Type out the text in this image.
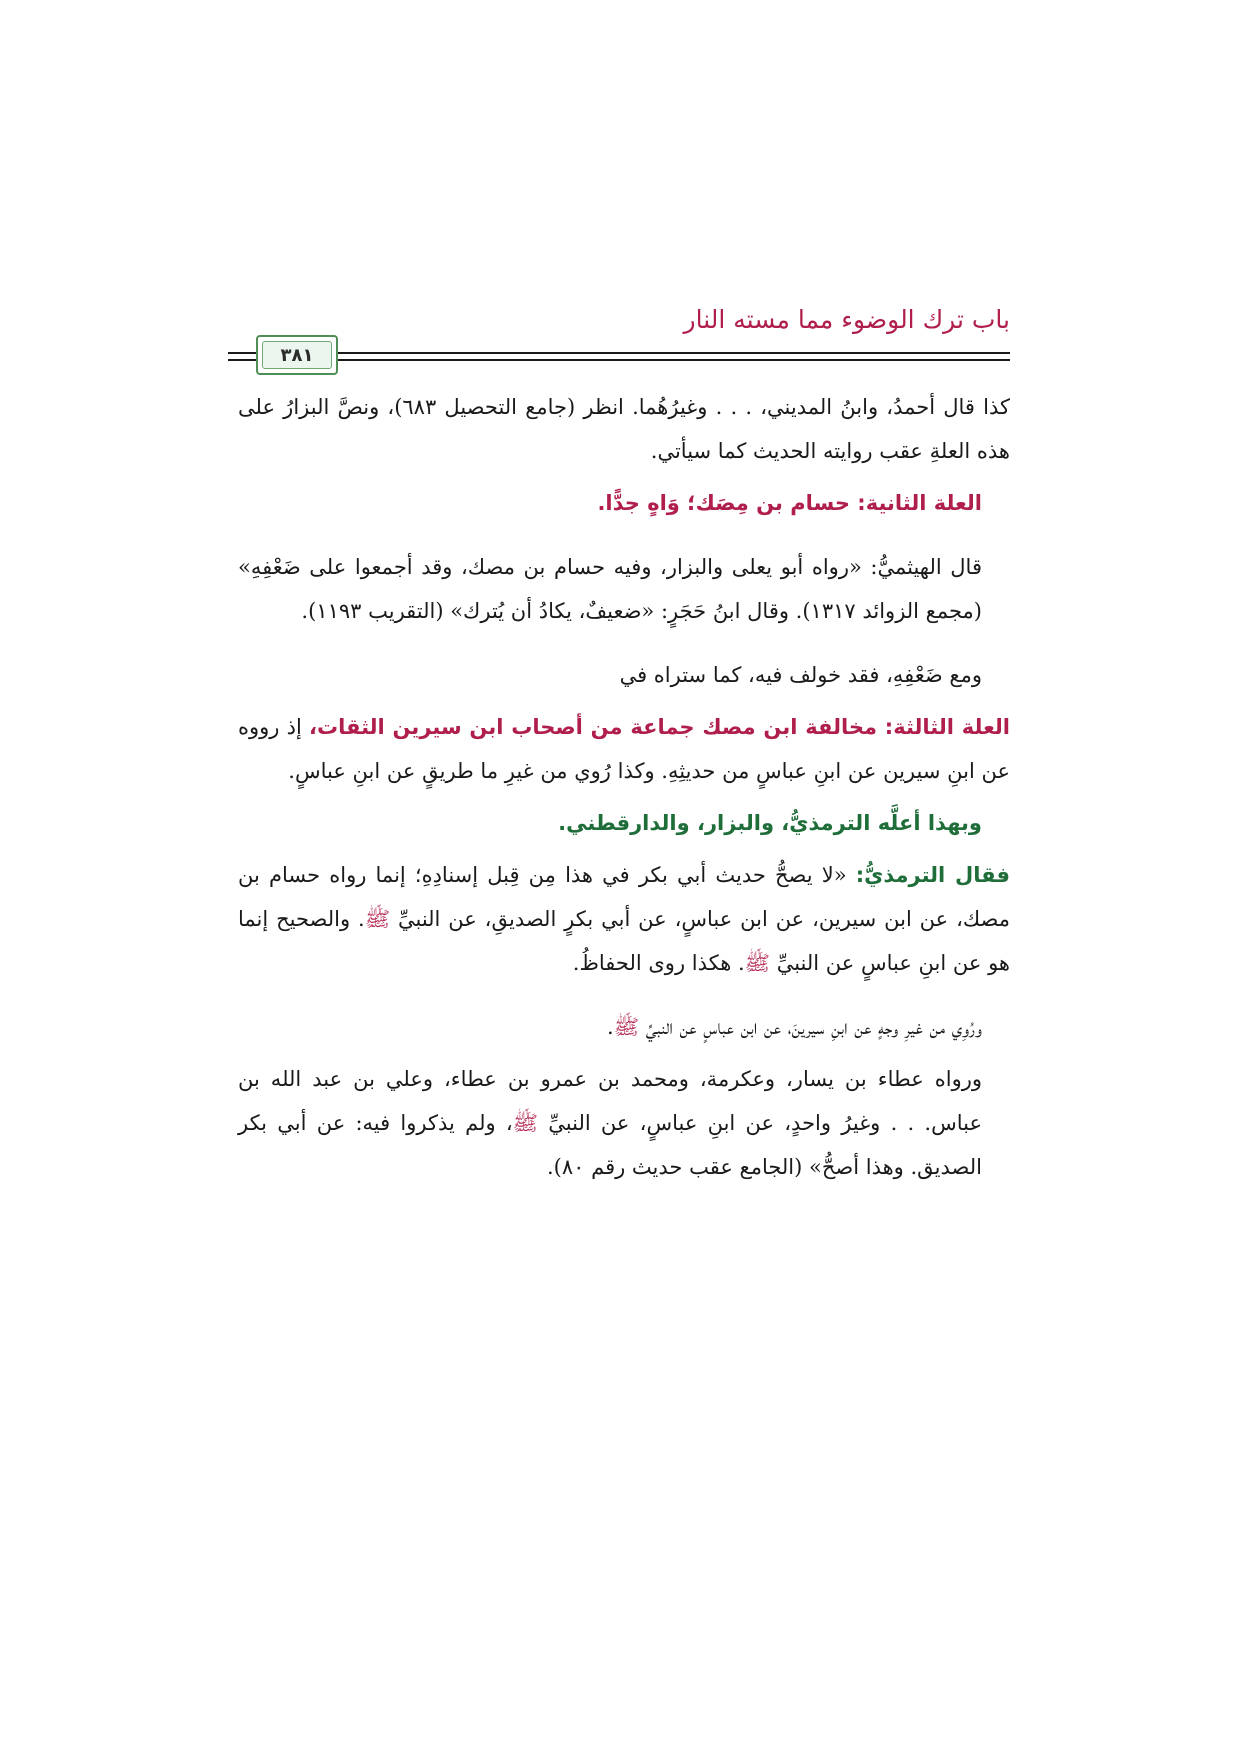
باب ترك الوضوء مما مسته النار
٣٨١

كذا قال أحمدُ، وابنُ المديني، . . . وغيرُهُما. انظر (جامع التحصيل ٦٨٣)، ونصَّ البزارُ على هذه العلةِ عقب روايته الحديث كما سيأتي.

العلة الثانية: حسام بن مِصَك؛ وَاهٍ جدًّا.

قال الهيثميُّ: «رواه أبو يعلى والبزار، وفيه حسام بن مصك، وقد أجمعوا على ضَعْفِهِ» (مجمع الزوائد ١٣١٧). وقال ابنُ حَجَرٍ: «ضعيفٌ، يكادُ أن يُترك» (التقريب ١١٩٣).

ومع ضَعْفِهِ، فقد خولف فيه، كما ستراه في

العلة الثالثة: مخالفة ابن مصك جماعة من أصحاب ابن سيرين الثقات، إذ رووه عن ابنِ سيرين عن ابنِ عباسٍ من حديثِهِ. وكذا رُوي من غيرِ ما طريقٍ عن ابنِ عباسٍ.

وبهذا أعلَّه الترمذيُّ، والبزار، والدارقطني.

فقال الترمذيُّ: «لا يصحُّ حديث أبي بكر في هذا مِن قِبل إسنادِهِ؛ إنما رواه حسام بن مصك، عن ابن سيرين، عن ابن عباسٍ، عن أبي بكرٍ الصديقِ، عن النبيِّ ﷺ. والصحيح إنما هو عن ابنِ عباسٍ عن النبيِّ ﷺ. هكذا روى الحفاظُ.

ورُوِي من غيرِ وجهٍ عن ابنِ سيرينَ، عن ابن عباسٍ عن النبيِّ ﷺ.

ورواه عطاء بن يسار، وعكرمة، ومحمد بن عمرو بن عطاء، وعلي بن عبد الله بن عباس. . . وغيرُ واحدٍ، عن ابنِ عباسٍ، عن النبيِّ ﷺ، ولم يذكروا فيه: عن أبي بكر الصديق. وهذا أصحُّ» (الجامع عقب حديث رقم ٨٠).
